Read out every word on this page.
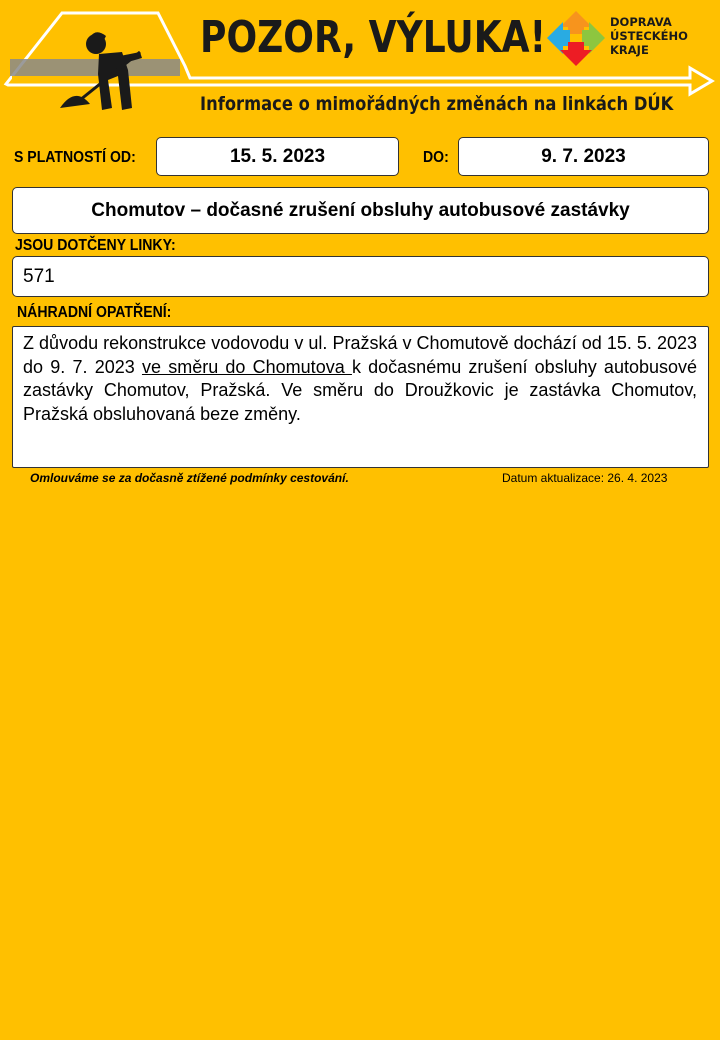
POZOR, VÝLUKA!
Informace o mimořádných změnách na linkách DÚK
DOPRAVA
ÚSTECKÉHO
KRAJE
S PLATNOSTÍ OD:	15. 5. 2023	DO:	9. 7. 2023
Chomutov – dočasné zrušení obsluhy autobusové zastávky
JSOU DOTČENY LINKY:
571
NÁHRADNÍ OPATŘENÍ:
Z důvodu rekonstrukce vodovodu v ul. Pražská v Chomutově dochází od 15. 5. 2023 do 9. 7. 2023 ve směru do Chomutova k dočasnému zrušení obsluhy autobusové zastávky Chomutov, Pražská. Ve směru do Droužkovic je zastávka Chomutov, Pražská obsluhovaná beze změny.
Omlouváme se za dočasně ztížené podmínky cestování.	Datum aktualizace: 26. 4. 2023
